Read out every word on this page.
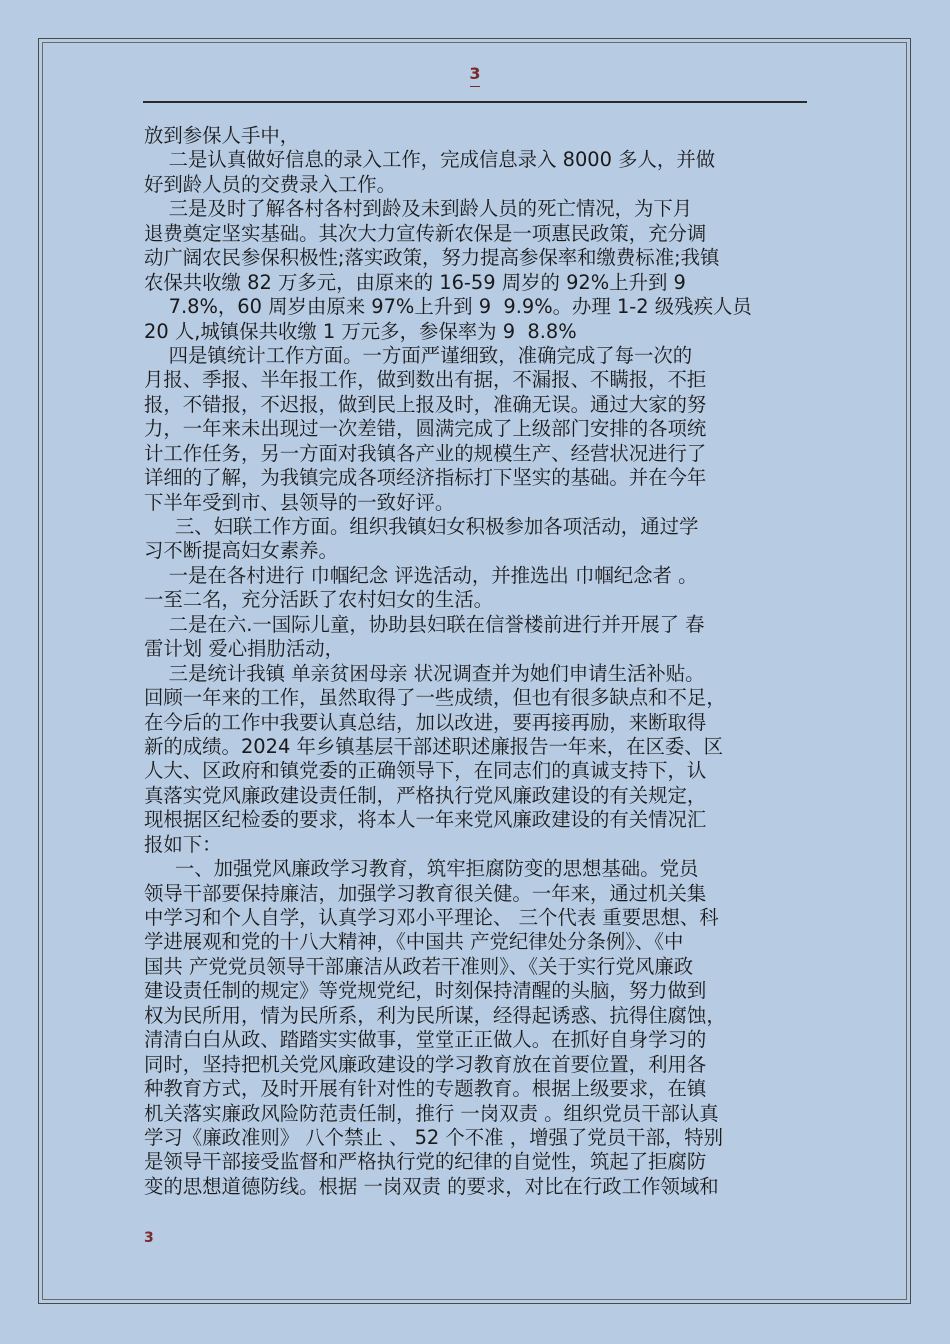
3
放到参保人手中，
二是认真做好信息的录入工作，完成信息录入 8000 多人，并做
好到龄人员的交费录入工作。
三是及时了解各村各村到龄及未到龄人员的死亡情况，为下月
退费奠定坚实基础。其次大力宣传新农保是一项惠民政策，充分调
动广阔农民参保积极性;落实政策，努力提高参保率和缴费标准;我镇
农保共收缴 82 万多元，由原来的 16-59 周岁的 92%上升到 9
7.8%，60 周岁由原来 97%上升到 9  9.9%。办理 1-2 级残疾人员
20 人,城镇保共收缴 1 万元多，参保率为 9  8.8%
四是镇统计工作方面。一方面严谨细致，准确完成了每一次的
月报、季报、半年报工作，做到数出有据，不漏报、不瞒报，不拒
报，不错报，不迟报，做到民上报及时，准确无误。通过大家的努
力，一年来未出现过一次差错，圆满完成了上级部门安排的各项统
计工作任务，另一方面对我镇各产业的规模生产、经营状况进行了
详细的了解，为我镇完成各项经济指标打下坚实的基础。并在今年
下半年受到市、县领导的一致好评。
三、妇联工作方面。组织我镇妇女积极参加各项活动，通过学
习不断提高妇女素养。
一是在各村进行 巾帼纪念 评选活动，并推选出 巾帼纪念者 。
一至二名，充分活跃了农村妇女的生活。
二是在六.一国际儿童，协助县妇联在信誉楼前进行并开展了 春
雷计划 爱心捐肋活动，
三是统计我镇 单亲贫困母亲 状况调查并为她们申请生活补贴。
回顾一年来的工作，虽然取得了一些成绩，但也有很多缺点和不足，
在今后的工作中我要认真总结，加以改进，要再接再励，来断取得
新的成绩。2024 年乡镇基层干部述职述廉报告一年来，在区委、区
人大、区政府和镇党委的正确领导下，在同志们的真诚支持下，认
真落实党风廉政建设责任制，严格执行党风廉政建设的有关规定，
现根据区纪检委的要求，将本人一年来党风廉政建设的有关情况汇
报如下：
一、加强党风廉政学习教育，筑牢拒腐防变的思想基础。党员
领导干部要保持廉洁，加强学习教育很关健。一年来，通过机关集
中学习和个人自学，认真学习邓小平理论、 三个代表 重要思想、科
学进展观和党的十八大精神，《中国共 产党纪律处分条例》、《中
国共 产党党员领导干部廉洁从政若干准则》、《关于实行党风廉政
建设责任制的规定》等党规党纪，时刻保持清醒的头脑，努力做到
权为民所用，情为民所系，利为民所谋，经得起诱惑、抗得住腐蚀，
清清白白从政、踏踏实实做事，堂堂正正做人。在抓好自身学习的
同时，坚持把机关党风廉政建设的学习教育放在首要位置，利用各
种教育方式，及时开展有针对性的专题教育。根据上级要求，在镇
机关落实廉政风险防范责任制，推行 一岗双责 。组织党员干部认真
学习《廉政准则》 八个禁止 、 52 个不准 ，增强了党员干部，特别
是领导干部接受监督和严格执行党的纪律的自觉性，筑起了拒腐防
变的思想道德防线。根据 一岗双责 的要求，对比在行政工作领域和
3
